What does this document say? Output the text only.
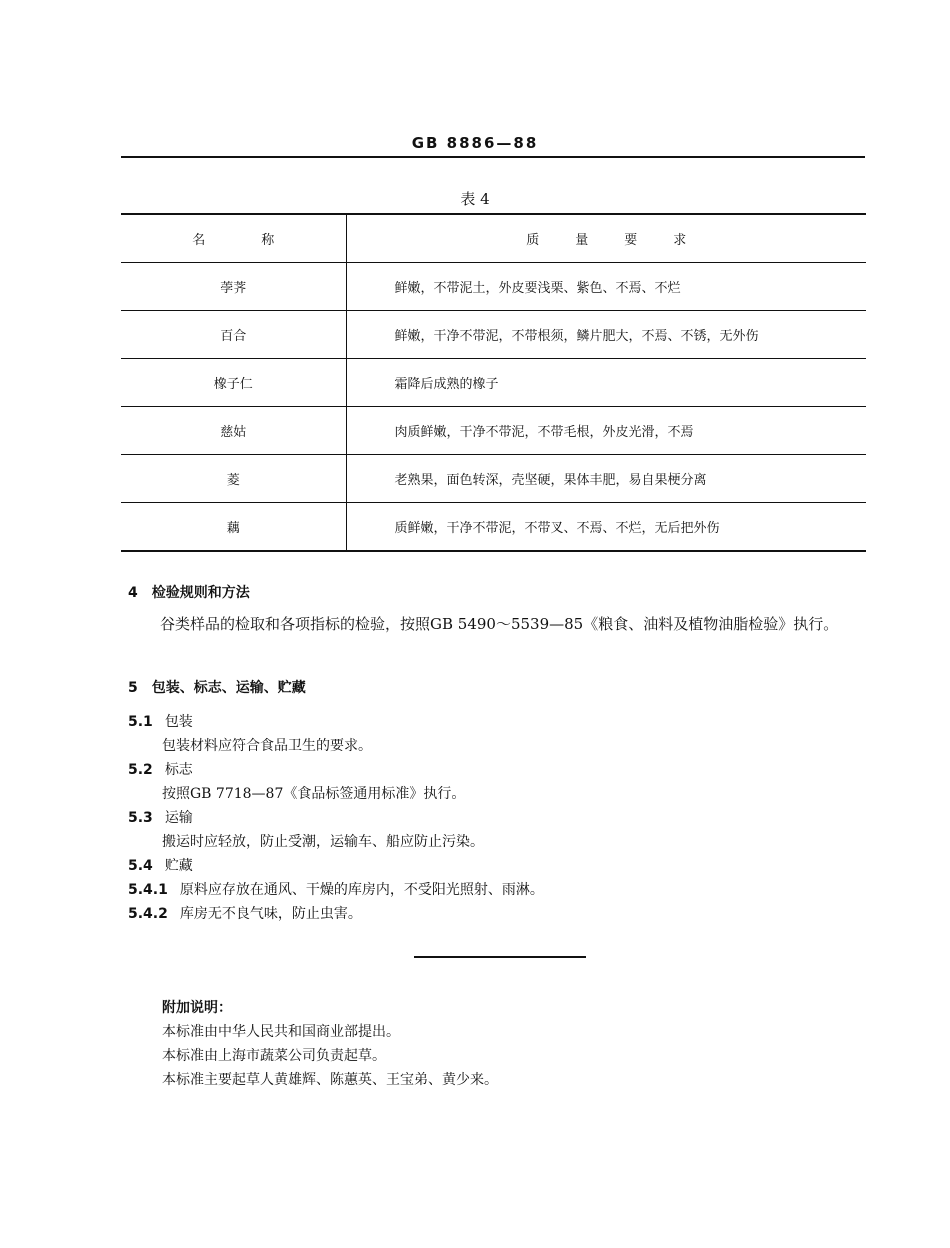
GB 8886—88
表 4
名称	质量要求
荸荠	鲜嫩，不带泥土，外皮要浅栗、紫色、不焉、不烂
百合	鲜嫩，干净不带泥，不带根须，鳞片肥大，不焉、不锈，无外伤
橡子仁	霜降后成熟的橡子
慈姑	肉质鲜嫩，干净不带泥，不带毛根，外皮光滑，不焉
菱	老熟果，面色转深，壳坚硬，果体丰肥，易自果梗分离
藕	质鲜嫩，干净不带泥，不带叉、不焉、不烂，无后把外伤
4 检验规则和方法
谷类样品的检取和各项指标的检验，按照GB 5490～5539—85《粮食、油料及植物油脂检验》执行。
5 包装、标志、运输、贮藏
5.1 包装
包装材料应符合食品卫生的要求。
5.2 标志
按照GB 7718—87《食品标签通用标准》执行。
5.3 运输
搬运时应轻放，防止受潮，运输车、船应防止污染。
5.4 贮藏
5.4.1 原料应存放在通风、干燥的库房内，不受阳光照射、雨淋。
5.4.2 库房无不良气味，防止虫害。
附加说明：
本标准由中华人民共和国商业部提出。
本标准由上海市蔬菜公司负责起草。
本标准主要起草人黄雄辉、陈蕙英、王宝弟、黄少来。
